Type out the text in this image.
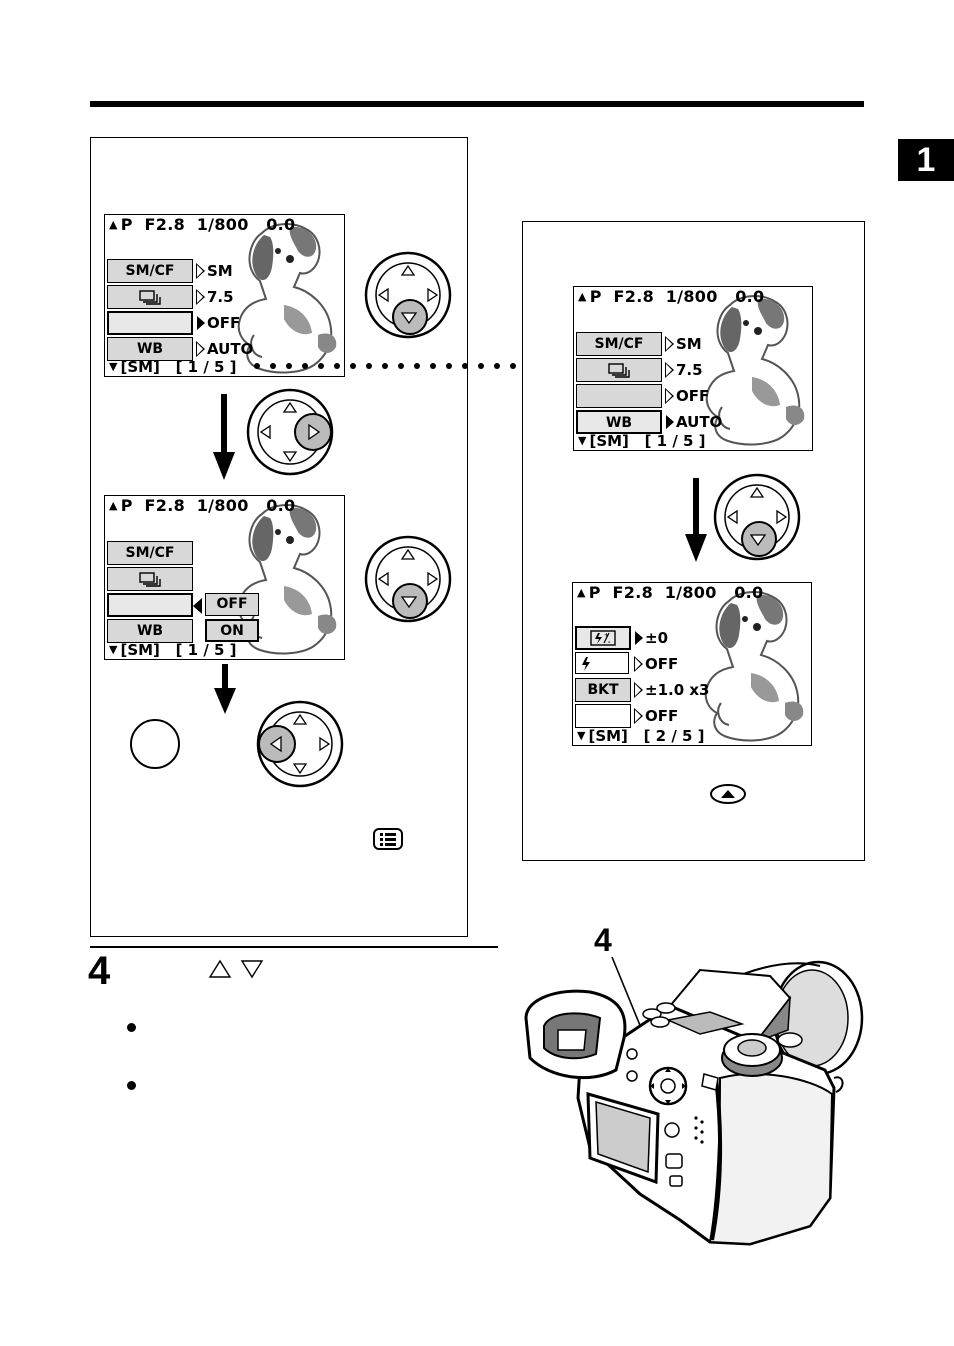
1
▲ P  F2.8  1/800   0.0
SM/CF
WB
SM
7.5
OFF
AUTO
▼ [SM]   [ 1 / 5 ]
▲ P  F2.8  1/800   0.0
SM/CF
WB
OFF
ON
▼ [SM]   [ 1 / 5 ]
▲ P  F2.8  1/800   0.0
SM/CF
WB
SM
7.5
OFF
AUTO
▼ [SM]   [ 1 / 5 ]
▲ P  F2.8  1/800   0.0
+
-
BKT
±0
OFF
±1.0 x3
OFF
▼ [SM]   [ 2 / 5 ]
4
4
